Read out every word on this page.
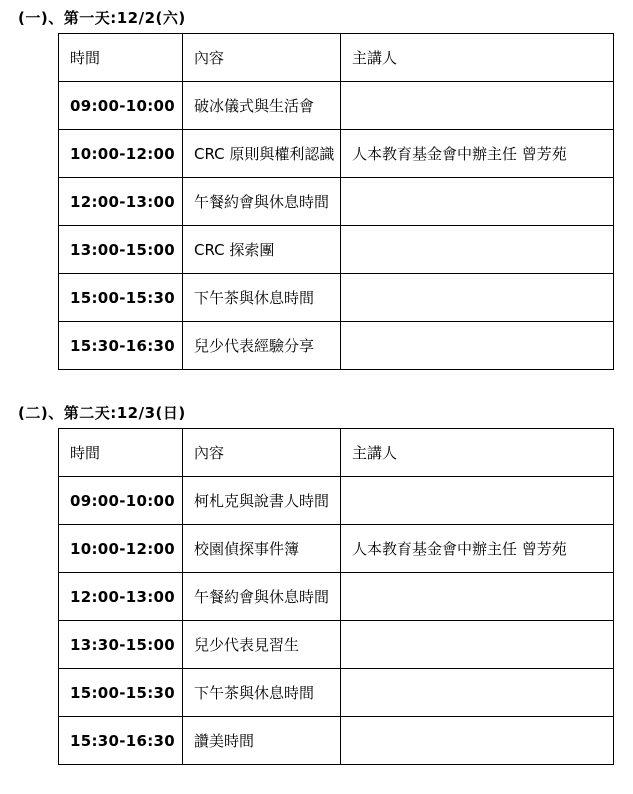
(一)、第一天:12/2(六)
時間	內容	主講人
09:00-10:00	破冰儀式與生活會	
10:00-12:00	CRC 原則與權利認識	人本教育基金會中辦主任 曾芳苑
12:00-13:00	午餐約會與休息時間	
13:00-15:00	CRC 探索團	
15:00-15:30	下午茶與休息時間	
15:30-16:30	兒少代表經驗分享	
(二)、第二天:12/3(日)
時間	內容	主講人
09:00-10:00	柯札克與說書人時間	
10:00-12:00	校園偵探事件簿	人本教育基金會中辦主任 曾芳苑
12:00-13:00	午餐約會與休息時間	
13:30-15:00	兒少代表見習生	
15:00-15:30	下午茶與休息時間	
15:30-16:30	讚美時間	
